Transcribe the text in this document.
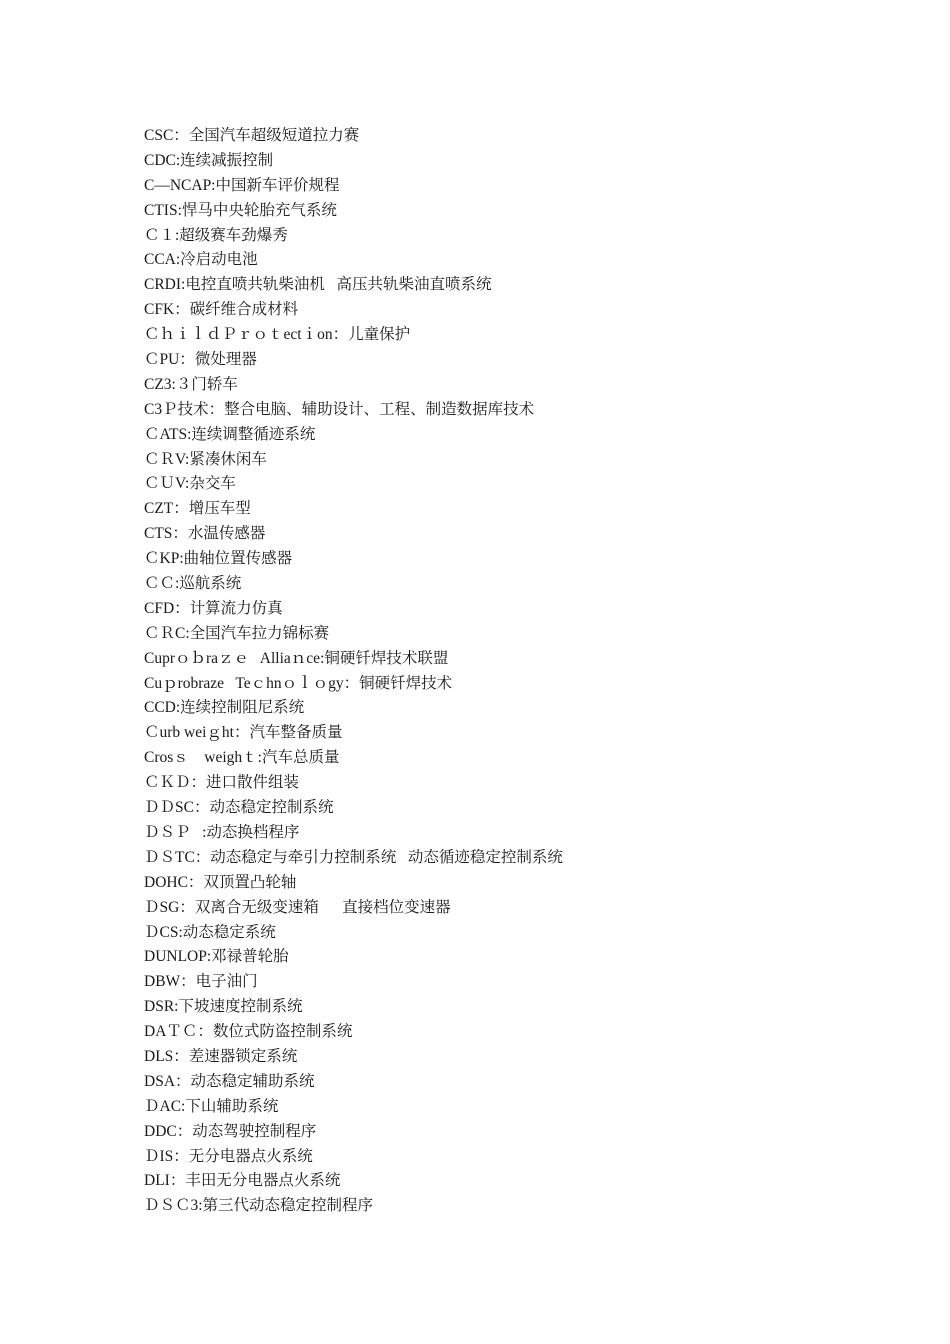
CSC：全国汽车超级短道拉力赛
CDC:连续减振控制
C—NCAP:中国新车评价规程
CTIS:悍马中央轮胎充气系统
Ｃ１:超级赛车劲爆秀
CCA:冷启动电池
CRDI:电控直喷共轨柴油机   高压共轨柴油直喷系统
CFK：碳纤维合成材料
ＣｈｉｌｄＰｒｏｔectｉon：儿童保护
ＣPU：微处理器
CZ3:３门轿车
C3Ｐ技术：整合电脑、辅助设计、工程、制造数据库技术
ＣATS:连续调整循迹系统
ＣＲV:紧凑休闲车
ＣＵV:杂交车
CZT：增压车型
CTS：水温传感器
ＣKP:曲轴位置传感器
ＣＣ:巡航系统
CFD：计算流力仿真
ＣＲC:全国汽车拉力锦标赛
Cuprｏｂraｚｅ   Alliaｎce:铜硬钎焊技术联盟
Cuｐrobraze   Teｃhnｏｌｏgy：铜硬钎焊技术
CCD:连续控制阻尼系统
Ｃurb weiｇht：汽车整备质量
Crosｓ    weighｔ:汽车总质量
ＣＫＤ：进口散件组装
ＤＤSC：动态稳定控制系统
ＤＳＰ   :动态换档程序
ＤＳTC：动态稳定与牵引力控制系统   动态循迹稳定控制系统
DOHC：双顶置凸轮轴
ＤSG：双离合无级变速箱      直接档位变速器
ＤCS:动态稳定系统
DUNLOP:邓禄普轮胎
DBW：电子油门
DSR:下坡速度控制系统
DAＴＣ：数位式防盗控制系统
DLS：差速器锁定系统
DSA：动态稳定辅助系统
ＤAC:下山辅助系统
DDC：动态驾驶控制程序
ＤIS：无分电器点火系统
DLI：丰田无分电器点火系统
ＤＳＣ3:第三代动态稳定控制程序
